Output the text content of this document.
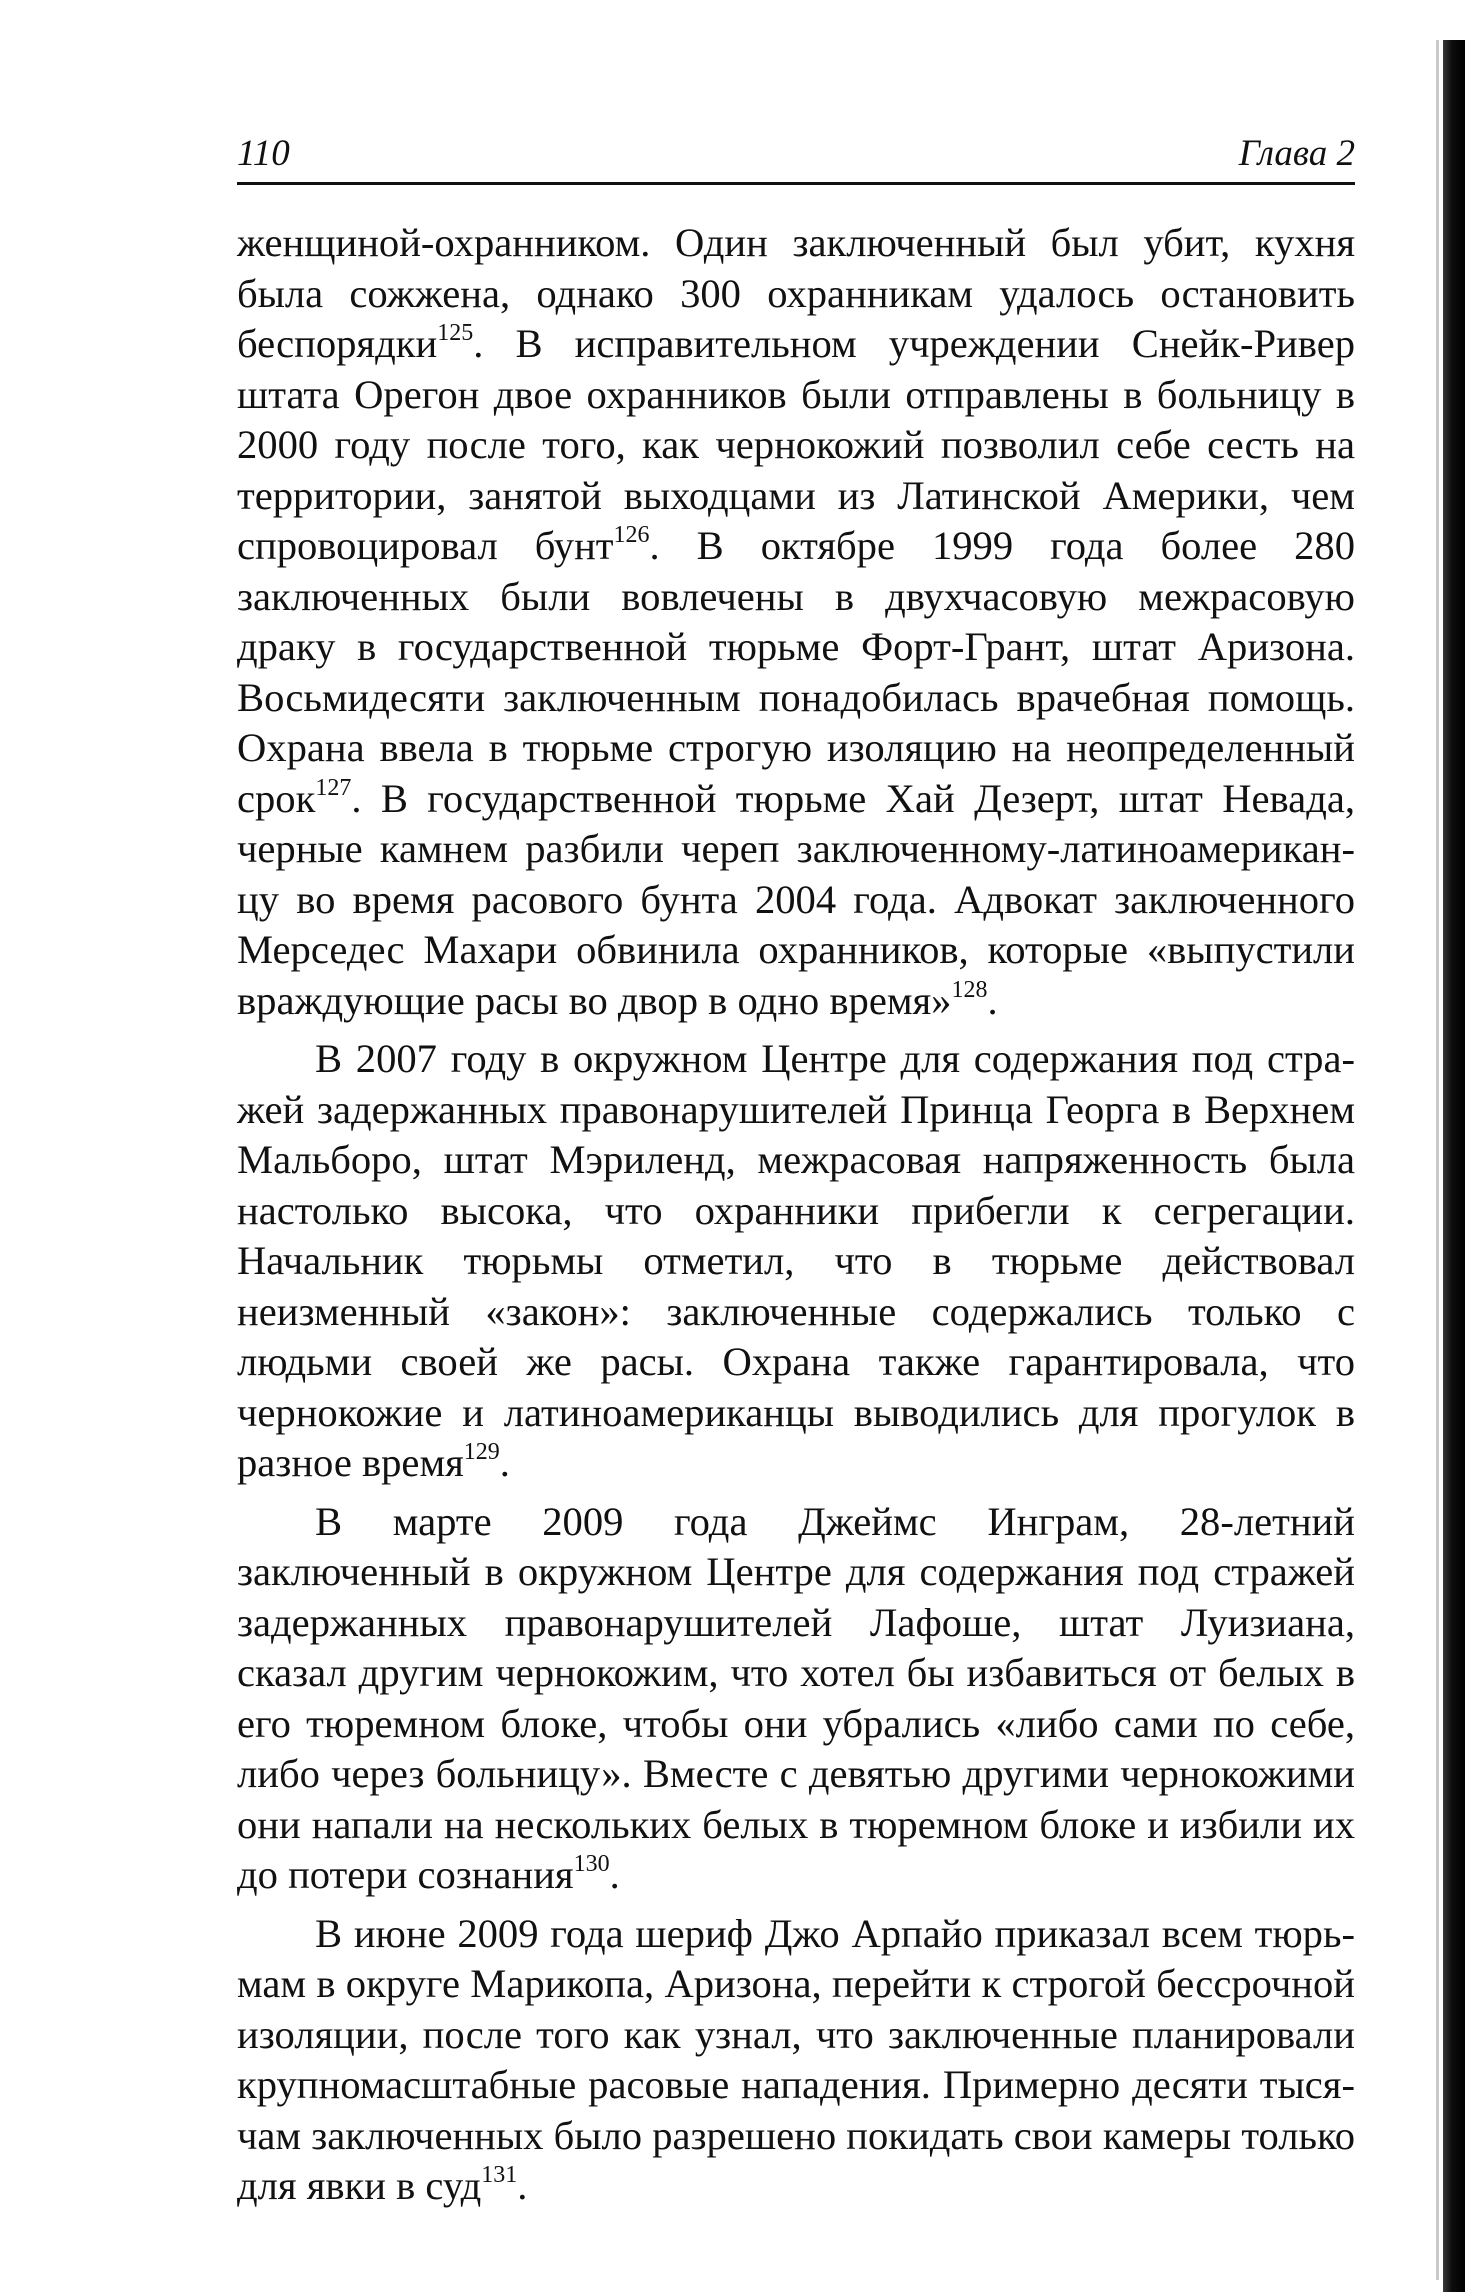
110	Глава 2

женщиной-охранником. Один заключенный был убит, кухня была сожжена, однако 300 охранникам удалось остановить беспорядки$^{125}$. В исправительном учреждении Снейк-Ривер штата Орегон двое охранников были отправлены в больницу в 2000 году после того, как чернокожий позволил себе сесть на территории, занятой выходцами из Латинской Америки, чем спровоцировал бунт$^{126}$. В октябре 1999 года более 280 заключенных были вовлечены в двухчасовую межрасовую драку в государственной тюрьме Форт-Грант, штат Аризона. Восьмидесяти заключенным понадобилась врачебная помощь. Охрана ввела в тюрьме строгую изоляцию на неопределенный срок$^{127}$. В государственной тюрьме Хай Дезерт, штат Невада, черные камнем разбили череп заключенному-латиноамериканцу во время расового бунта 2004 года. Адвокат заключенного Мерседес Махари обвинила охранников, которые «выпустили враждующие расы во двор в одно время»$^{128}$.

В 2007 году в окружном Центре для содержания под стражей задержанных правонарушителей Принца Георга в Верхнем Мальборо, штат Мэриленд, межрасовая напряженность была настолько высока, что охранники прибегли к сегрегации. Начальник тюрьмы отметил, что в тюрьме действовал неизменный «закон»: заключенные содержались только с людьми своей же расы. Охрана также гарантировала, что чернокожие и латиноамериканцы выводились для прогулок в разное время$^{129}$.

В марте 2009 года Джеймс Инграм, 28-летний заключенный в окружном Центре для содержания под стражей задержанных правонарушителей Лафоше, штат Луизиана, сказал другим чернокожим, что хотел бы избавиться от белых в его тюремном блоке, чтобы они убрались «либо сами по себе, либо через больницу». Вместе с девятью другими чернокожими они напали на нескольких белых в тюремном блоке и избили их до потери сознания$^{130}$.

В июне 2009 года шериф Джо Арпайо приказал всем тюрьмам в округе Марикопа, Аризона, перейти к строгой бессрочной изоляции, после того как узнал, что заключенные планировали крупномасштабные расовые нападения. Примерно десяти тысячам заключенных было разрешено покидать свои камеры только для явки в суд$^{131}$.
